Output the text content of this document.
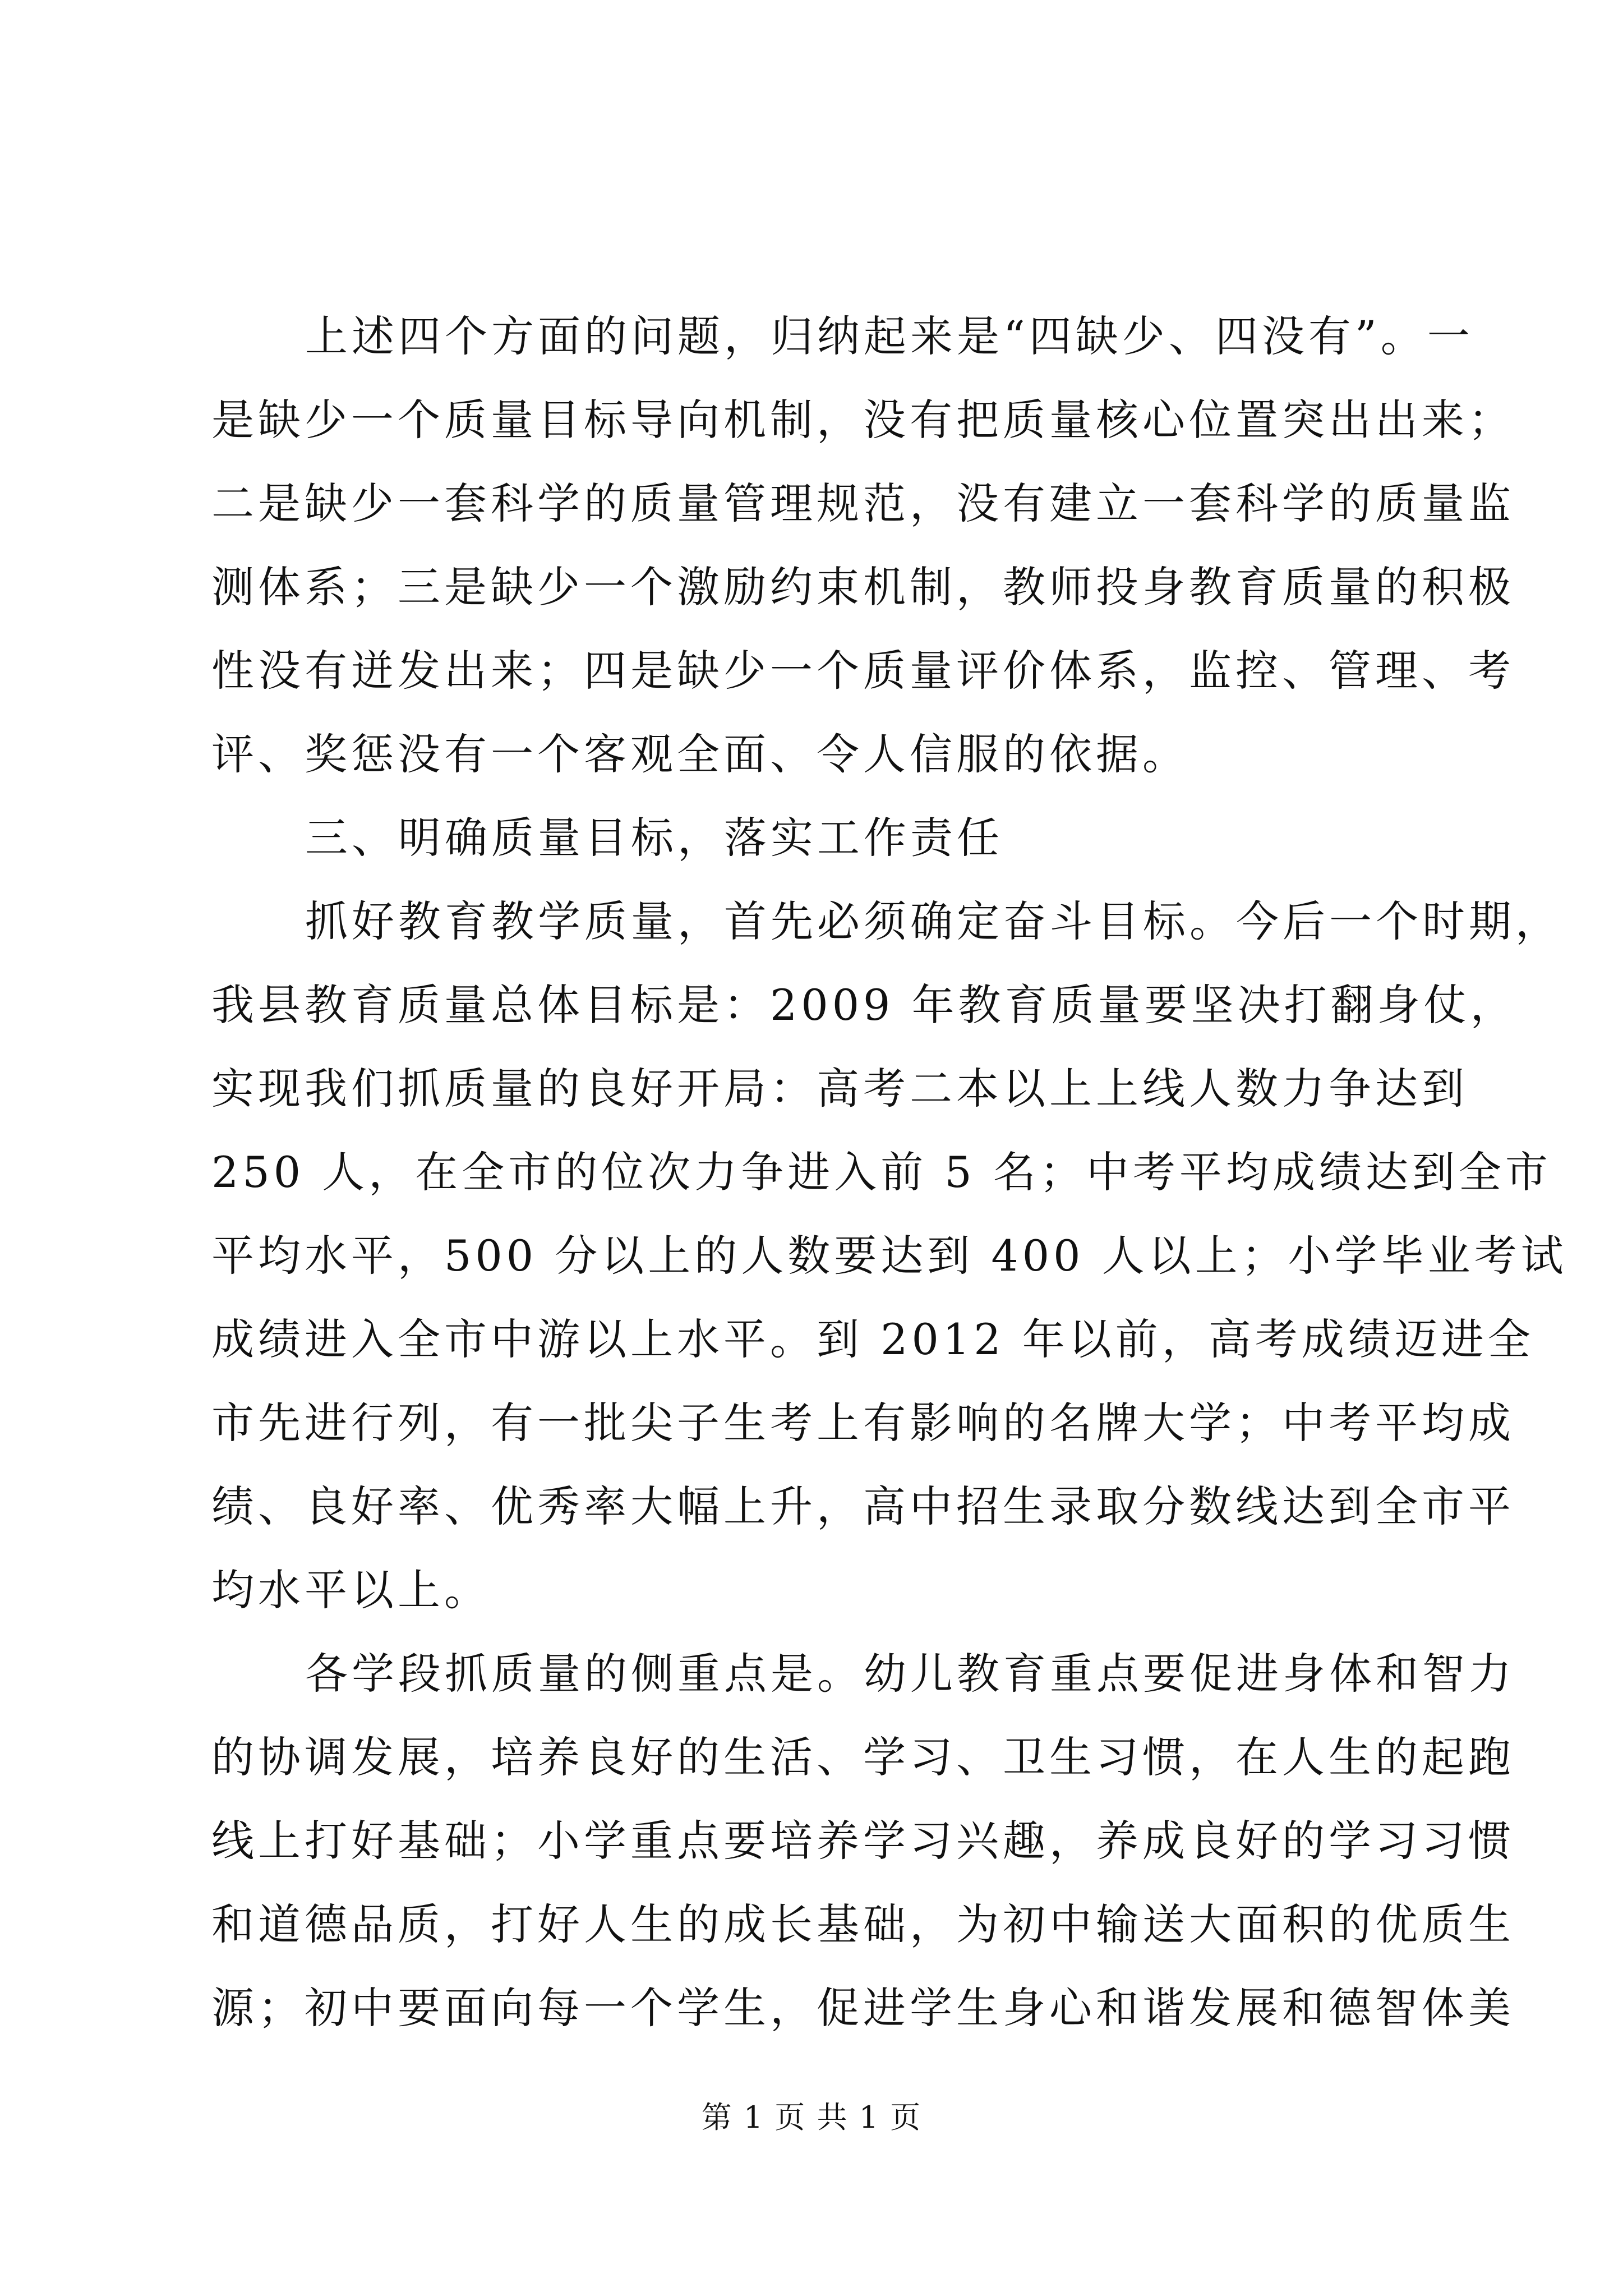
上述四个方面的问题，归纳起来是“四缺少、四没有”。一
是缺少一个质量目标导向机制，没有把质量核心位置突出出来；
二是缺少一套科学的质量管理规范，没有建立一套科学的质量监
测体系；三是缺少一个激励约束机制，教师投身教育质量的积极
性没有迸发出来；四是缺少一个质量评价体系，监控、管理、考
评、奖惩没有一个客观全面、令人信服的依据。
三、明确质量目标，落实工作责任
抓好教育教学质量，首先必须确定奋斗目标。今后一个时期，
我县教育质量总体目标是：2009 年教育质量要坚决打翻身仗，
实现我们抓质量的良好开局：高考二本以上上线人数力争达到
250 人，在全市的位次力争进入前 5 名；中考平均成绩达到全市
平均水平，500 分以上的人数要达到 400 人以上；小学毕业考试
成绩进入全市中游以上水平。到 2012 年以前，高考成绩迈进全
市先进行列，有一批尖子生考上有影响的名牌大学；中考平均成
绩、良好率、优秀率大幅上升，高中招生录取分数线达到全市平
均水平以上。
各学段抓质量的侧重点是。幼儿教育重点要促进身体和智力
的协调发展，培养良好的生活、学习、卫生习惯，在人生的起跑
线上打好基础；小学重点要培养学习兴趣，养成良好的学习习惯
和道德品质，打好人生的成长基础，为初中输送大面积的优质生
源；初中要面向每一个学生，促进学生身心和谐发展和德智体美
第 1 页 共 1 页
